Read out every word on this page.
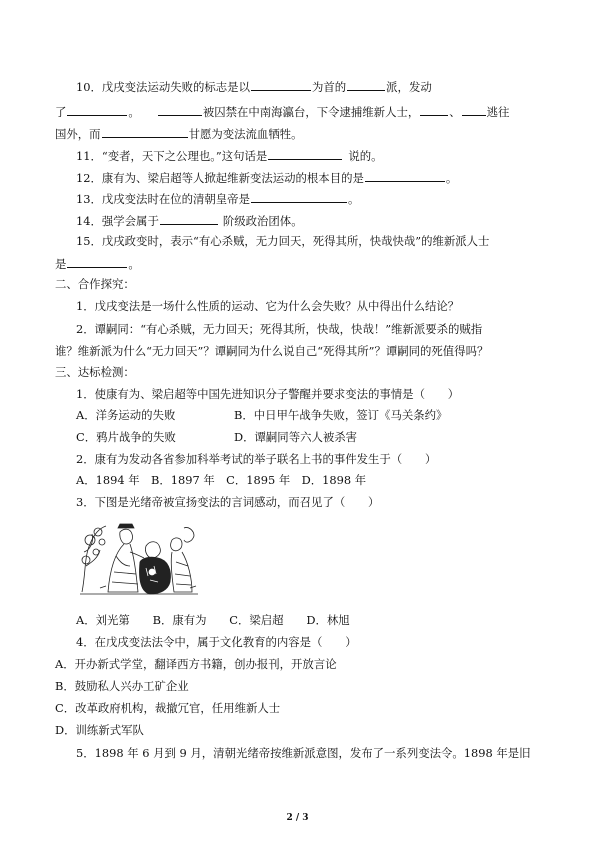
10．戊戌变法运动失败的标志是以	为首的	派，发动
了	。	被囚禁在中南海瀛台，下令逮捕维新人士，	、 逃往
国外，而	甘愿为变法流血牺牲。
11．“变者，天下之公理也。”这句话是	说的。
12．康有为、梁启超等人掀起维新变法运动的根本目的是	。
13．戊戌变法时在位的清朝皇帝是	。
14．强学会属于	阶级政治团体。
15．戊戌政变时，表示“有心杀贼，无力回天，死得其所，快哉快哉”的维新派人士
是	。
二、合作探究：
1．戊戌变法是一场什么性质的运动、它为什么会失败？从中得出什么结论？
2．谭嗣同：“有心杀贼，无力回天；死得其所，快哉，快哉！”维新派要杀的贼指
谁？维新派为什么“无力回天”？谭嗣同为什么说自己“死得其所”？谭嗣同的死值得吗？
三、达标检测：
1．使康有为、梁启超等中国先进知识分子警醒并要求变法的事情是（　　）
A．洋务运动的失败	B．中日甲午战争失败，签订《马关条约》
C．鸦片战争的失败	D．谭嗣同等六人被杀害
2．康有为发动各省参加科举考试的举子联名上书的事件发生于（　　）
A．1894 年　B．1897 年　C．1895 年　D．1898 年
3．下图是光绪帝被宣扬变法的言词感动，而召见了（　　）
A．刘光第　　B．康有为　　C．梁启超　　D．林旭
4．在戊戌变法法令中，属于文化教育的内容是（　　）
A．开办新式学堂，翻译西方书籍，创办报刊，开放言论
B．鼓励私人兴办工矿企业
C．改革政府机构，裁撤冗官，任用维新人士
D．训练新式军队
5．1898 年 6 月到 9 月，清朝光绪帝按维新派意图，发布了一系列变法令。1898 年是旧
2 / 3
